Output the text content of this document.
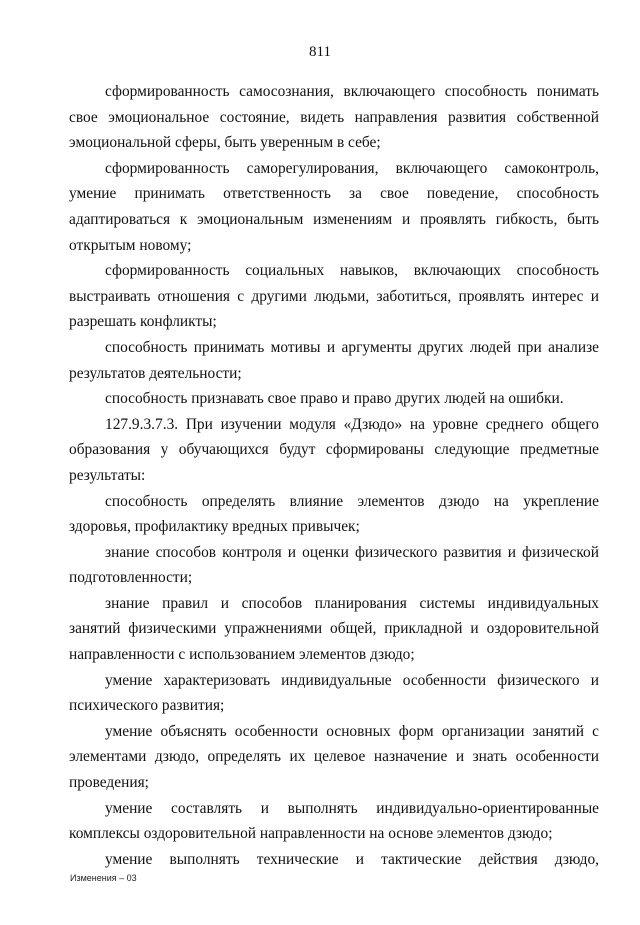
811

сформированность самосознания, включающего способность понимать свое эмоциональное состояние, видеть направления развития собственной эмоциональной сферы, быть уверенным в себе;

сформированность саморегулирования, включающего самоконтроль, умение принимать ответственность за свое поведение, способность адаптироваться к эмоциональным изменениям и проявлять гибкость, быть открытым новому;

сформированность социальных навыков, включающих способность выстраивать отношения с другими людьми, заботиться, проявлять интерес и разрешать конфликты;

способность принимать мотивы и аргументы других людей при анализе результатов деятельности;

способность признавать свое право и право других людей на ошибки.

127.9.3.7.3. При изучении модуля «Дзюдо» на уровне среднего общего образования у обучающихся будут сформированы следующие предметные результаты:

способность определять влияние элементов дзюдо на укрепление здоровья, профилактику вредных привычек;

знание способов контроля и оценки физического развития и физической подготовленности;

знание правил и способов планирования системы индивидуальных занятий физическими упражнениями общей, прикладной и оздоровительной направленности с использованием элементов дзюдо;

умение характеризовать индивидуальные особенности физического и психического развития;

умение объяснять особенности основных форм организации занятий с элементами дзюдо, определять их целевое назначение и знать особенности проведения;

умение составлять и выполнять индивидуально-ориентированные комплексы оздоровительной направленности на основе элементов дзюдо;

умение выполнять технические и тактические действия дзюдо,

Изменения – 03
